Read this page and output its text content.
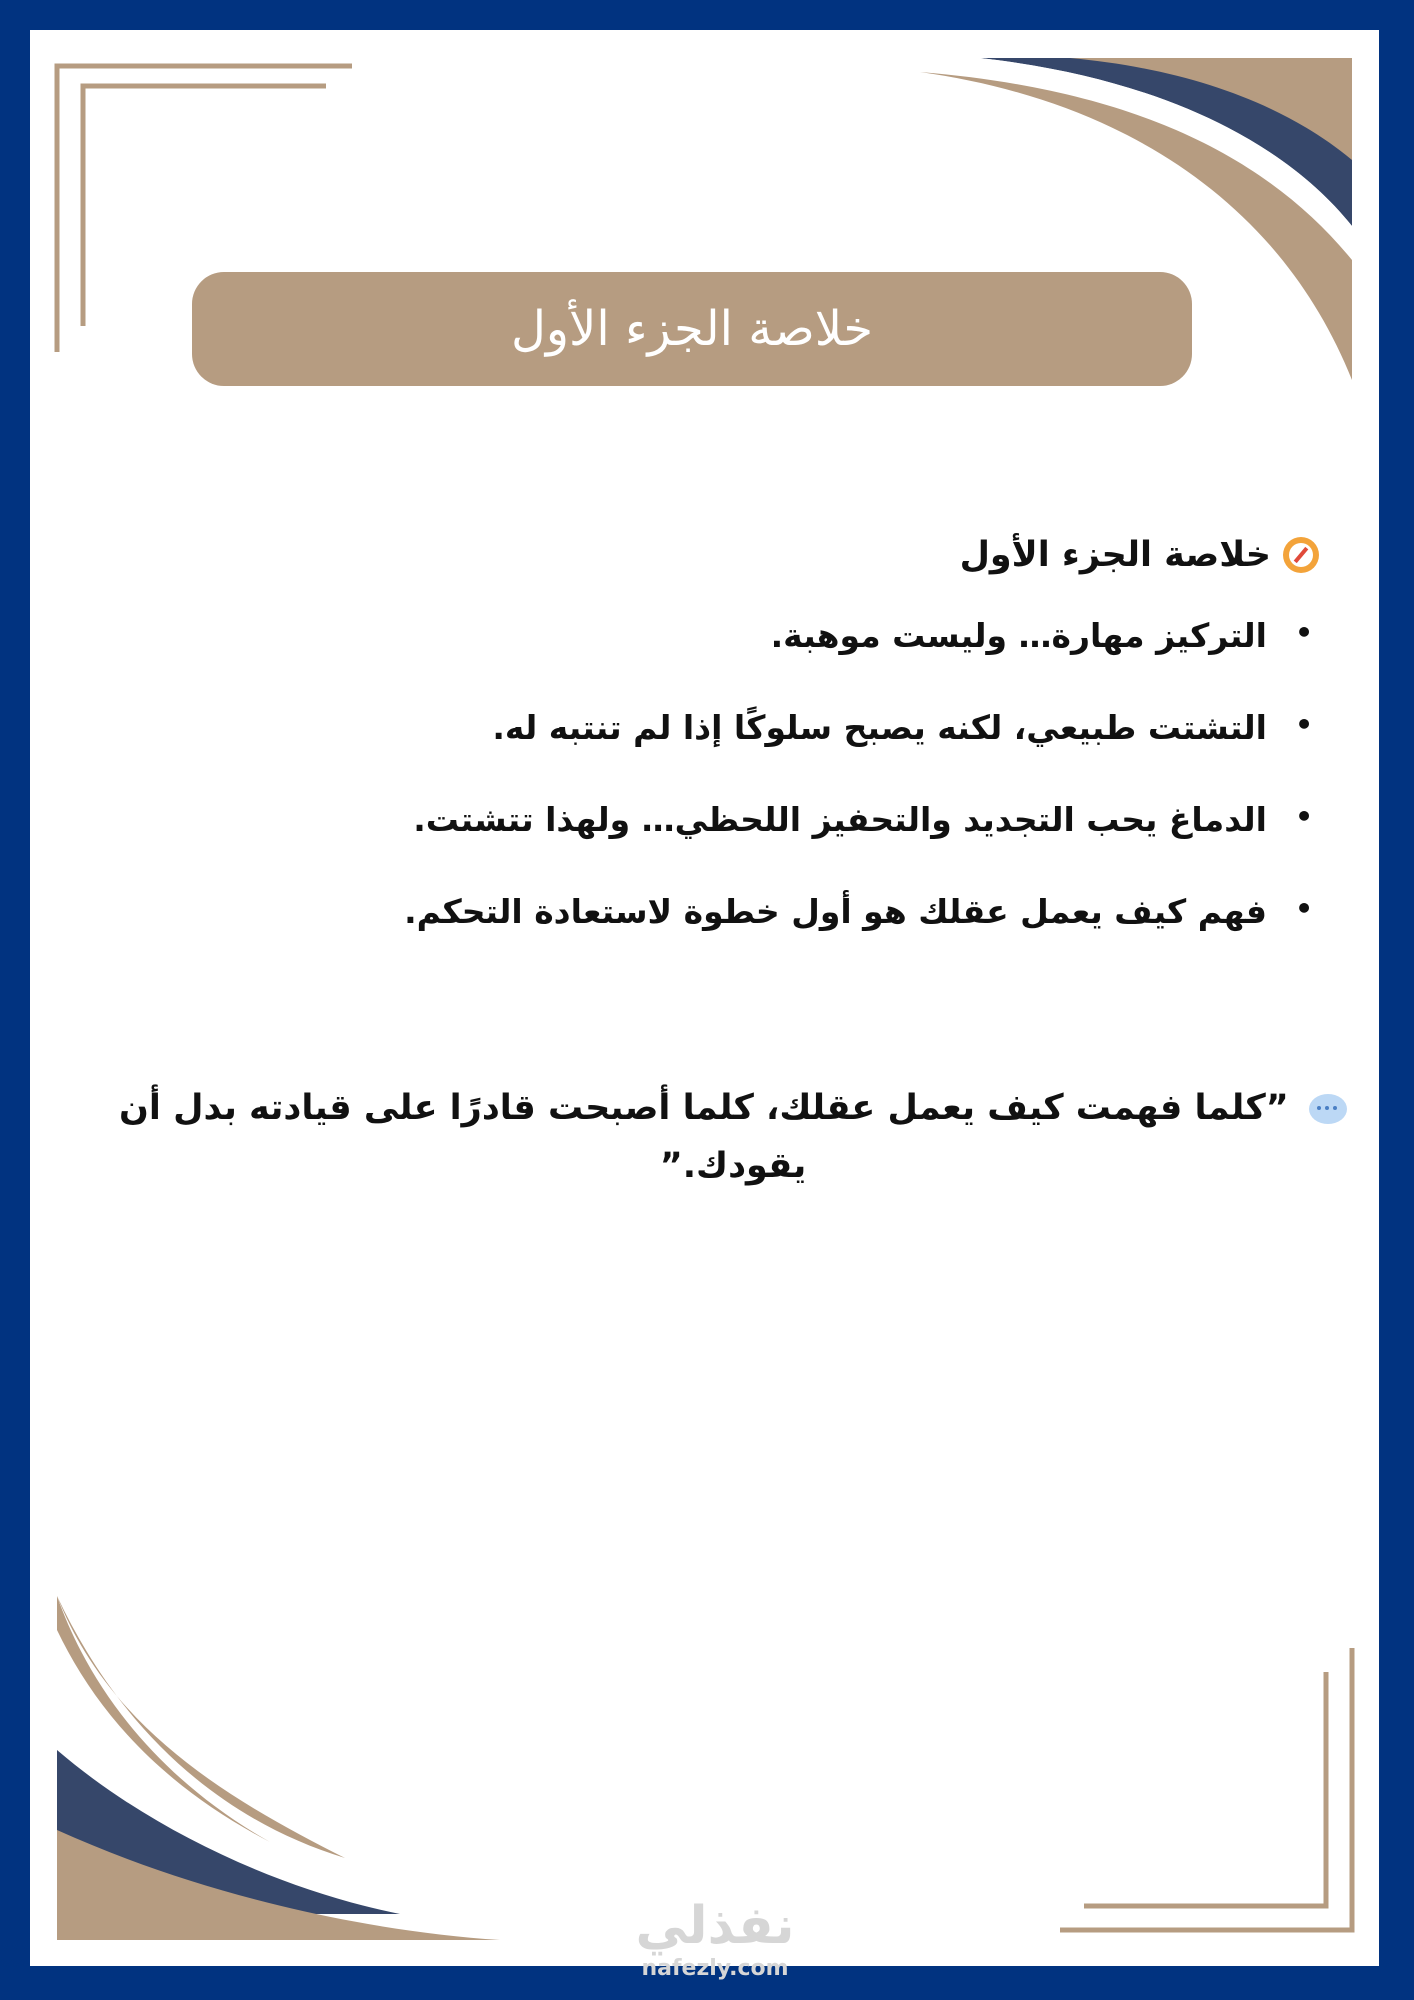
خلاصة الجزء الأول
خلاصة الجزء الأول
• التركيز مهارة… وليست موهبة.
• التشتت طبيعي، لكنه يصبح سلوكًا إذا لم تنتبه له.
• الدماغ يحب التجديد والتحفيز اللحظي… ولهذا تتشتت.
• فهم كيف يعمل عقلك هو أول خطوة لاستعادة التحكم.
”كلما فهمت كيف يعمل عقلك، كلما أصبحت قادرًا على قيادته بدل أن يقودك.”
نفذلي
nafezly.com
